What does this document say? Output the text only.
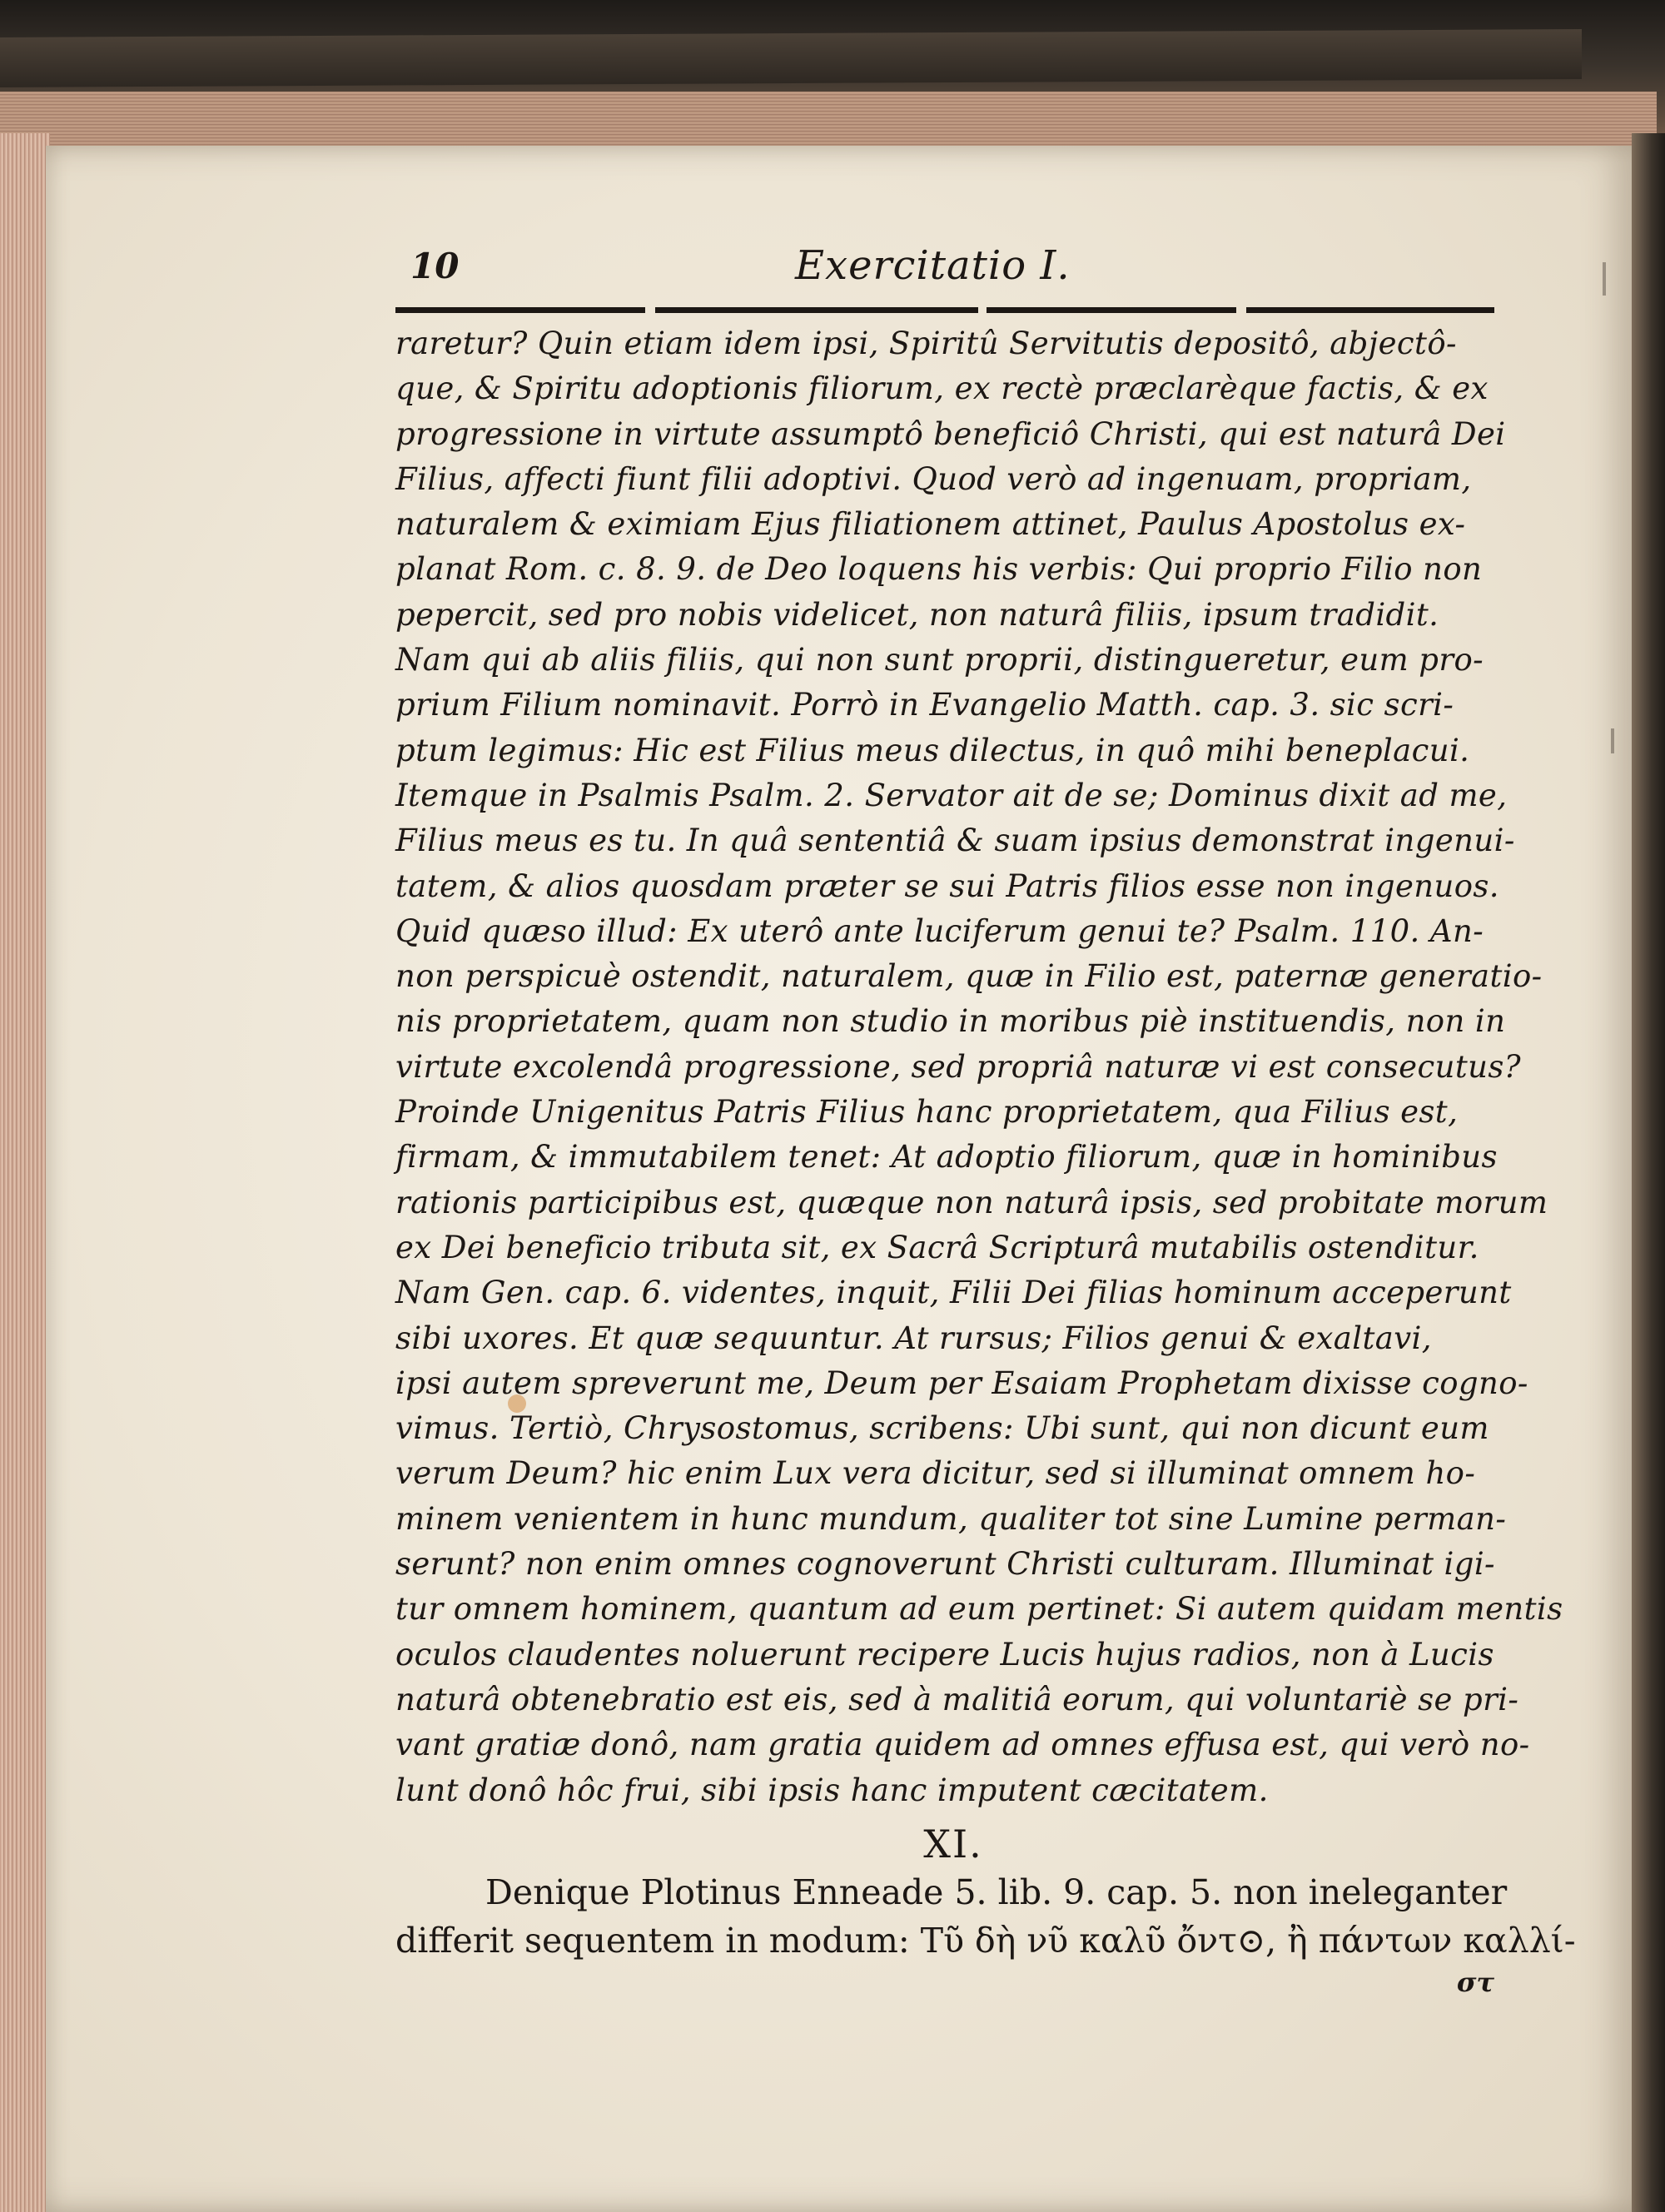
10	Exercitatio I.
raretur? Quin etiam idem ipsi, Spiritû Servitutis depositô, abjectô-
que, & Spiritu adoptionis filiorum, ex rectè præclarèque factis, & ex
progressione in virtute assumptô beneficiô Christi, qui est naturâ Dei
Filius, affecti fiunt filii adoptivi. Quod verò ad ingenuam, propriam,
naturalem & eximiam Ejus filiationem attinet, Paulus Apostolus ex-
planat Rom. c. 8. 9. de Deo loquens his verbis: Qui proprio Filio non
pepercit, sed pro nobis videlicet, non naturâ filiis, ipsum tradidit.
Nam qui ab aliis filiis, qui non sunt proprii, distingueretur, eum pro-
prium Filium nominavit. Porrò in Evangelio Matth. cap. 3. sic scri-
ptum legimus: Hic est Filius meus dilectus, in quô mihi beneplacui.
Itemque in Psalmis Psalm. 2. Servator ait de se; Dominus dixit ad me,
Filius meus es tu. In quâ sententiâ & suam ipsius demonstrat ingenui-
tatem, & alios quosdam præter se sui Patris filios esse non ingenuos.
Quid quæso illud: Ex uterô ante luciferum genui te? Psalm. 110. An-
non perspicuè ostendit, naturalem, quæ in Filio est, paternæ generatio-
nis proprietatem, quam non studio in moribus piè instituendis, non in
virtute excolendâ progressione, sed propriâ naturæ vi est consecutus?
Proinde Unigenitus Patris Filius hanc proprietatem, qua Filius est,
firmam, & immutabilem tenet: At adoptio filiorum, quæ in hominibus
rationis participibus est, quæque non naturâ ipsis, sed probitate morum
ex Dei beneficio tributa sit, ex Sacrâ Scripturâ mutabilis ostenditur.
Nam Gen. cap. 6. videntes, inquit, Filii Dei filias hominum acceperunt
sibi uxores. Et quæ sequuntur. At rursus; Filios genui & exaltavi,
ipsi autem spreverunt me, Deum per Esaiam Prophetam dixisse cogno-
vimus. Tertiò, Chrysostomus, scribens: Ubi sunt, qui non dicunt eum
verum Deum? hic enim Lux vera dicitur, sed si illuminat omnem ho-
minem venientem in hunc mundum, qualiter tot sine Lumine perman-
serunt? non enim omnes cognoverunt Christi culturam. Illuminat igi-
tur omnem hominem, quantum ad eum pertinet: Si autem quidam mentis
oculos claudentes noluerunt recipere Lucis hujus radios, non à Lucis
naturâ obtenebratio est eis, sed à malitiâ eorum, qui voluntariè se pri-
vant gratiæ donô, nam gratia quidem ad omnes effusa est, qui verò no-
lunt donô hôc frui, sibi ipsis hanc imputent cæcitatem.
XI.
Denique Plotinus Enneade 5. lib. 9. cap. 5. non ineleganter
differit sequentem in modum: Τῦ δὴ νῦ καλῦ ὄντ⊙, ἢ πάντων καλλί-
στ
